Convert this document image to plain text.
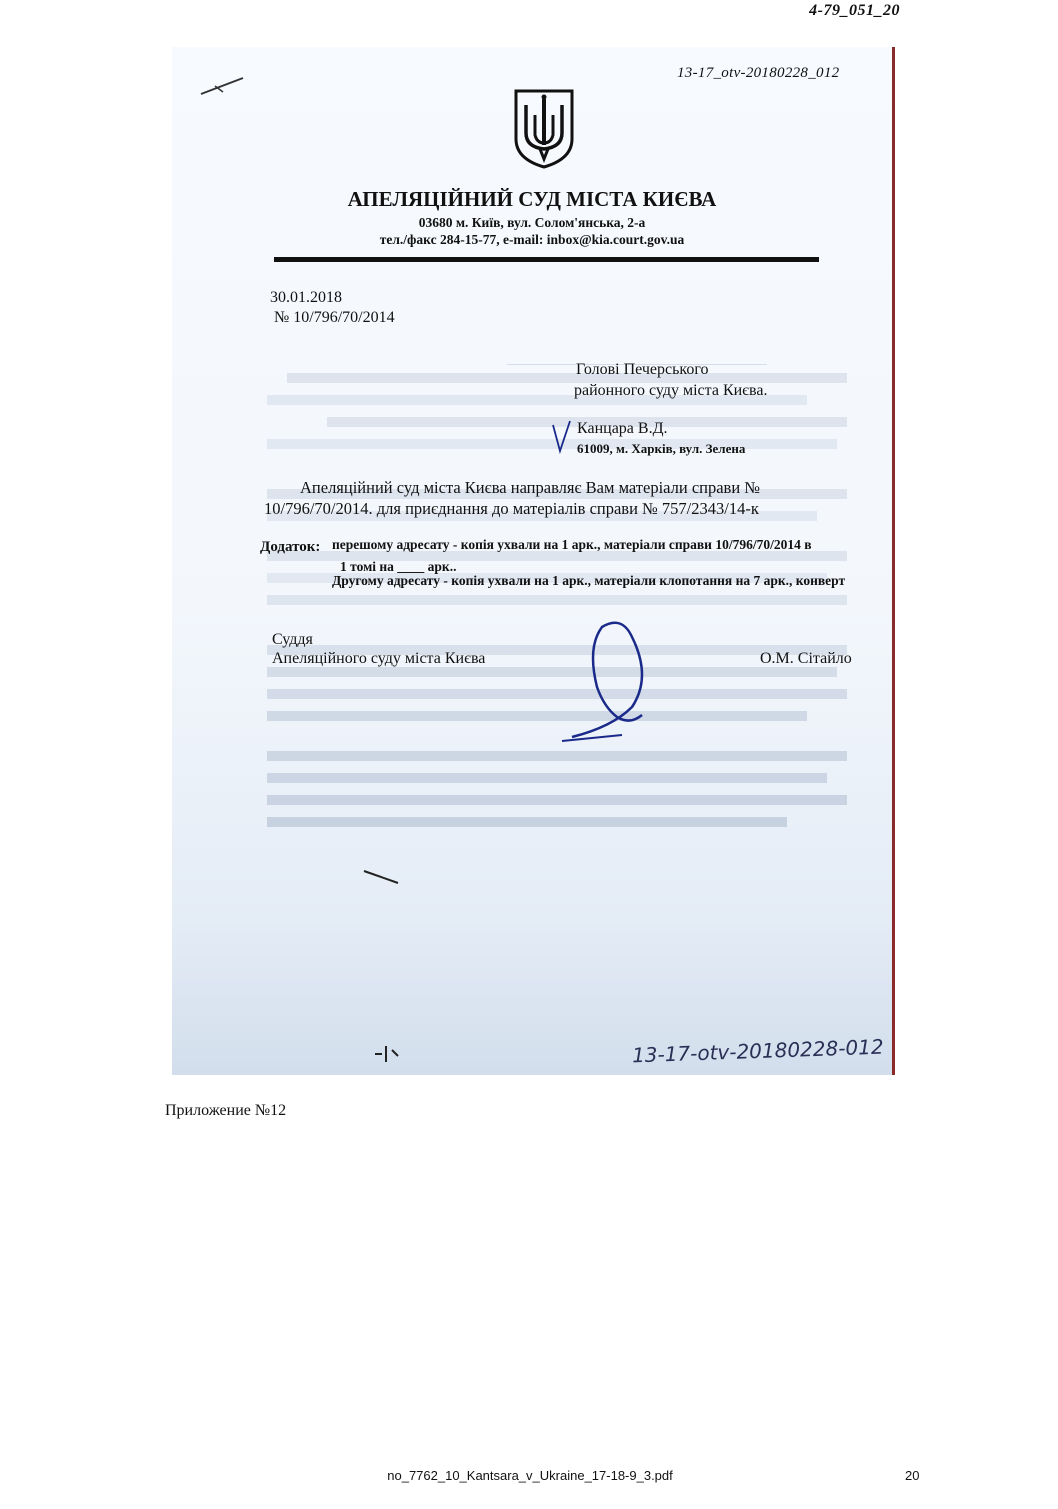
4-79_051_20
13-17_otv-20180228_012
АПЕЛЯЦІЙНИЙ СУД МІСТА КИЄВА
03680 м. Київ, вул. Солом'янська, 2-а
тел./факс 284-15-77, e-mail: inbox@kia.court.gov.ua
30.01.2018
№ 10/796/70/2014
Голові Печерського
районного суду міста Києва.
Канцара В.Д.
61009, м. Харків, вул. Зелена
Апеляційний суд міста Києва направляє Вам матеріали справи №
10/796/70/2014. для приєднання до матеріалів справи № 757/2343/14-к
Додаток: перешому адресату - копія ухвали на 1 арк., матеріали справи 10/796/70/2014 в
1 томі на ____ арк..
Другому адресату - копія ухвали на 1 арк., матеріали клопотання на 7 арк., конверт
Суддя
Апеляційного суду міста Києва	О.М. Сітайло
13-17-otv-20180228-012
Приложение №12
no_7762_10_Kantsara_v_Ukraine_17-18-9_3.pdf	20
